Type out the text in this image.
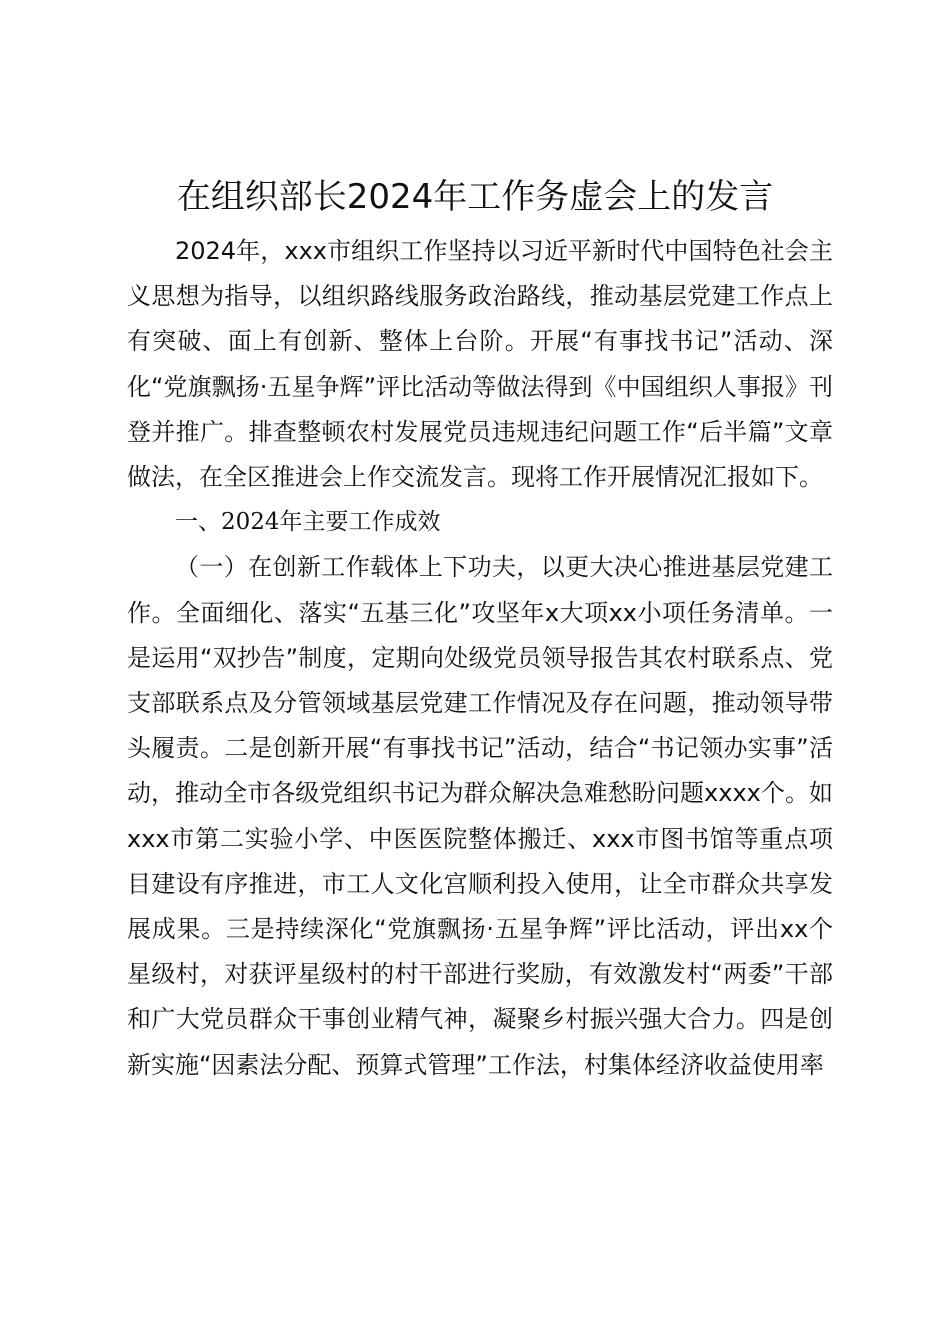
在组织部长2024年工作务虚会上的发言

2024年，xxx市组织工作坚持以习近平新时代中国特色社会主义思想为指导，以组织路线服务政治路线，推动基层党建工作点上有突破、面上有创新、整体上台阶。开展“有事找书记”活动、深化“党旗飘扬·五星争辉”评比活动等做法得到《中国组织人事报》刊登并推广。排查整顿农村发展党员违规违纪问题工作“后半篇”文章做法，在全区推进会上作交流发言。现将工作开展情况汇报如下。

一、2024年主要工作成效

（一）在创新工作载体上下功夫，以更大决心推进基层党建工作。全面细化、落实“五基三化”攻坚年x大项xx小项任务清单。一是运用“双抄告”制度，定期向处级党员领导报告其农村联系点、党支部联系点及分管领域基层党建工作情况及存在问题，推动领导带头履责。二是创新开展“有事找书记”活动，结合“书记领办实事”活动，推动全市各级党组织书记为群众解决急难愁盼问题xxxx个。如xxx市第二实验小学、中医医院整体搬迁、xxx市图书馆等重点项目建设有序推进，市工人文化宫顺利投入使用，让全市群众共享发展成果。三是持续深化“党旗飘扬·五星争辉”评比活动，评出xx个星级村，对获评星级村的村干部进行奖励，有效激发村“两委”干部和广大党员群众干事创业精气神，凝聚乡村振兴强大合力。四是创新实施“因素法分配、预算式管理”工作法，村集体经济收益使用率
